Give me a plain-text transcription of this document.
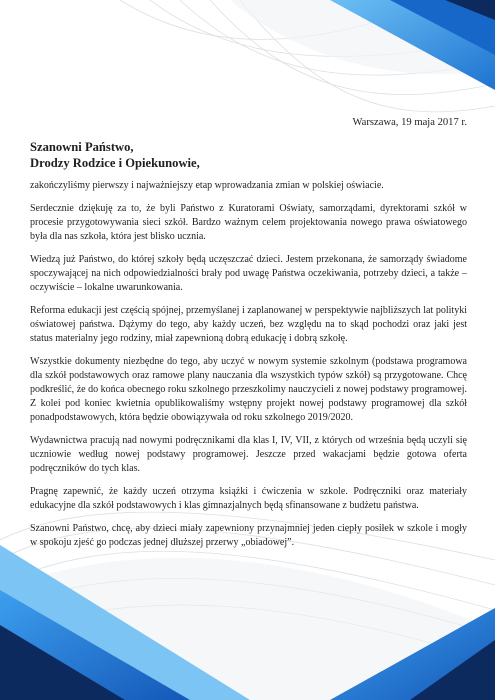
Warszawa, 19 maja 2017 r.

Szanowni Państwo,
Drodzy Rodzice i Opiekunowie,

zakończyliśmy pierwszy i najważniejszy etap wprowadzania zmian w polskiej oświacie.

Serdecznie dziękuję za to, że byli Państwo z Kuratorami Oświaty, samorządami, dyrektorami szkół w procesie przygotowywania sieci szkół. Bardzo ważnym celem projektowania nowego prawa oświatowego była dla nas szkoła, która jest blisko ucznia.

Wiedzą już Państwo, do której szkoły będą uczęszczać dzieci. Jestem przekonana, że samorządy świadome spoczywającej na nich odpowiedzialności brały pod uwagę Państwa oczekiwania, potrzeby dzieci, a także – oczywiście – lokalne uwarunkowania.

Reforma edukacji jest częścią spójnej, przemyślanej i zaplanowanej w perspektywie najbliższych lat polityki oświatowej państwa. Dążymy do tego, aby każdy uczeń, bez względu na to skąd pochodzi oraz jaki jest status materialny jego rodziny, miał zapewnioną dobrą edukację i dobrą szkołę.

Wszystkie dokumenty niezbędne do tego, aby uczyć w nowym systemie szkolnym (podstawa programowa dla szkół podstawowych oraz ramowe plany nauczania dla wszystkich typów szkół) są przygotowane. Chcę podkreślić, że do końca obecnego roku szkolnego przeszkolimy nauczycieli z nowej podstawy programowej. Z kolei pod koniec kwietnia opublikowaliśmy wstępny projekt nowej podstawy programowej dla szkół ponadpodstawowych, która będzie obowiązywała od roku szkolnego 2019/2020.

Wydawnictwa pracują nad nowymi podręcznikami dla klas I, IV, VII, z których od września będą uczyli się uczniowie według nowej podstawy programowej. Jeszcze przed wakacjami będzie gotowa oferta podręczników do tych klas.

Pragnę zapewnić, że każdy uczeń otrzyma książki i ćwiczenia w szkole. Podręczniki oraz materiały edukacyjne dla szkół podstawowych i klas gimnazjalnych będą sfinansowane z budżetu państwa.

Szanowni Państwo, chcę, aby dzieci miały zapewniony przynajmniej jeden ciepły posiłek w szkole i mogły w spokoju zjeść go podczas jednej dłuższej przerwy „obiadowej”.
